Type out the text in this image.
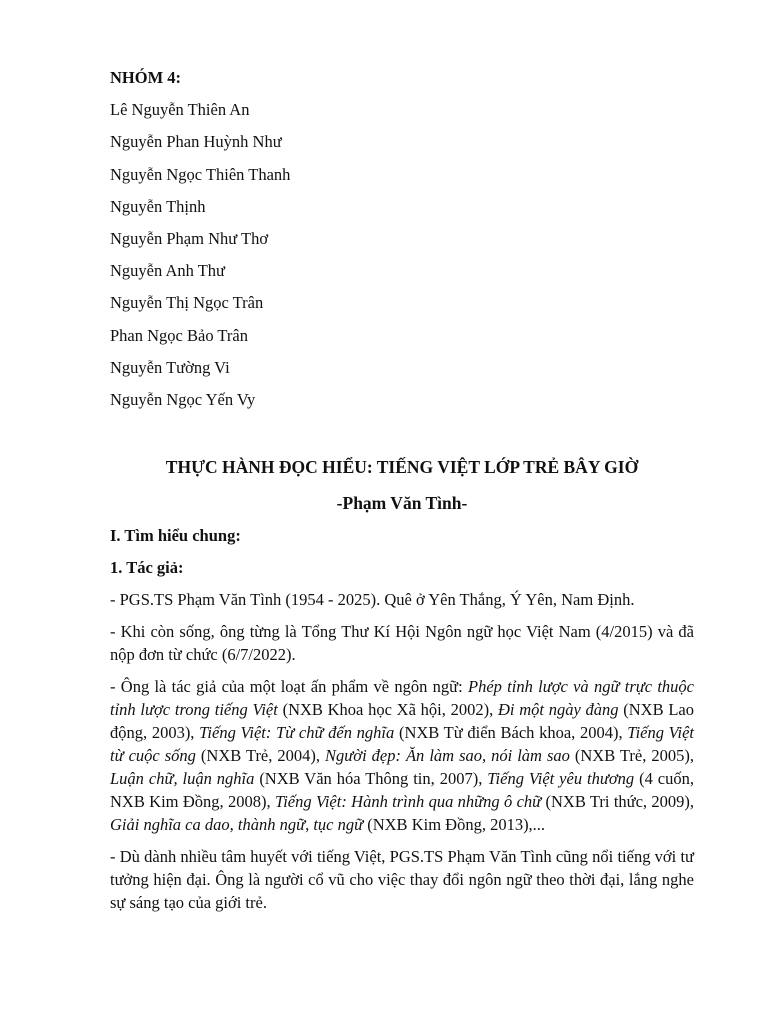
NHÓM 4:

Lê Nguyễn Thiên An
Nguyễn Phan Huỳnh Như
Nguyễn Ngọc Thiên Thanh
Nguyễn Thịnh
Nguyễn Phạm Như Thơ
Nguyễn Anh Thư
Nguyễn Thị Ngọc Trân
Phan Ngọc Bảo Trân
Nguyễn Tường Vi
Nguyễn Ngọc Yến Vy

THỰC HÀNH ĐỌC HIỂU: TIẾNG VIỆT LỚP TRẺ BÂY GIỜ

-Phạm Văn Tình-

I. Tìm hiểu chung:

1. Tác giả:

- PGS.TS Phạm Văn Tình (1954 - 2025). Quê ở Yên Thắng, Ý Yên, Nam Định.

- Khi còn sống, ông từng là Tổng Thư Kí Hội Ngôn ngữ học Việt Nam (4/2015) và đã nộp đơn từ chức (6/7/2022).

- Ông là tác giả của một loạt ấn phẩm về ngôn ngữ: Phép tỉnh lược và ngữ trực thuộc tỉnh lược trong tiếng Việt (NXB Khoa học Xã hội, 2002), Đi một ngày đàng (NXB Lao động, 2003), Tiếng Việt: Từ chữ đến nghĩa (NXB Từ điển Bách khoa, 2004), Tiếng Việt từ cuộc sống (NXB Trẻ, 2004), Người đẹp: Ăn làm sao, nói làm sao (NXB Trẻ, 2005), Luận chữ, luận nghĩa (NXB Văn hóa Thông tin, 2007), Tiếng Việt yêu thương (4 cuốn, NXB Kim Đồng, 2008), Tiếng Việt: Hành trình qua những ô chữ (NXB Tri thức, 2009), Giải nghĩa ca dao, thành ngữ, tục ngữ (NXB Kim Đồng, 2013),...

- Dù dành nhiều tâm huyết với tiếng Việt, PGS.TS Phạm Văn Tình cũng nổi tiếng với tư tưởng hiện đại. Ông là người cổ vũ cho việc thay đổi ngôn ngữ theo thời đại, lắng nghe sự sáng tạo của giới trẻ.
